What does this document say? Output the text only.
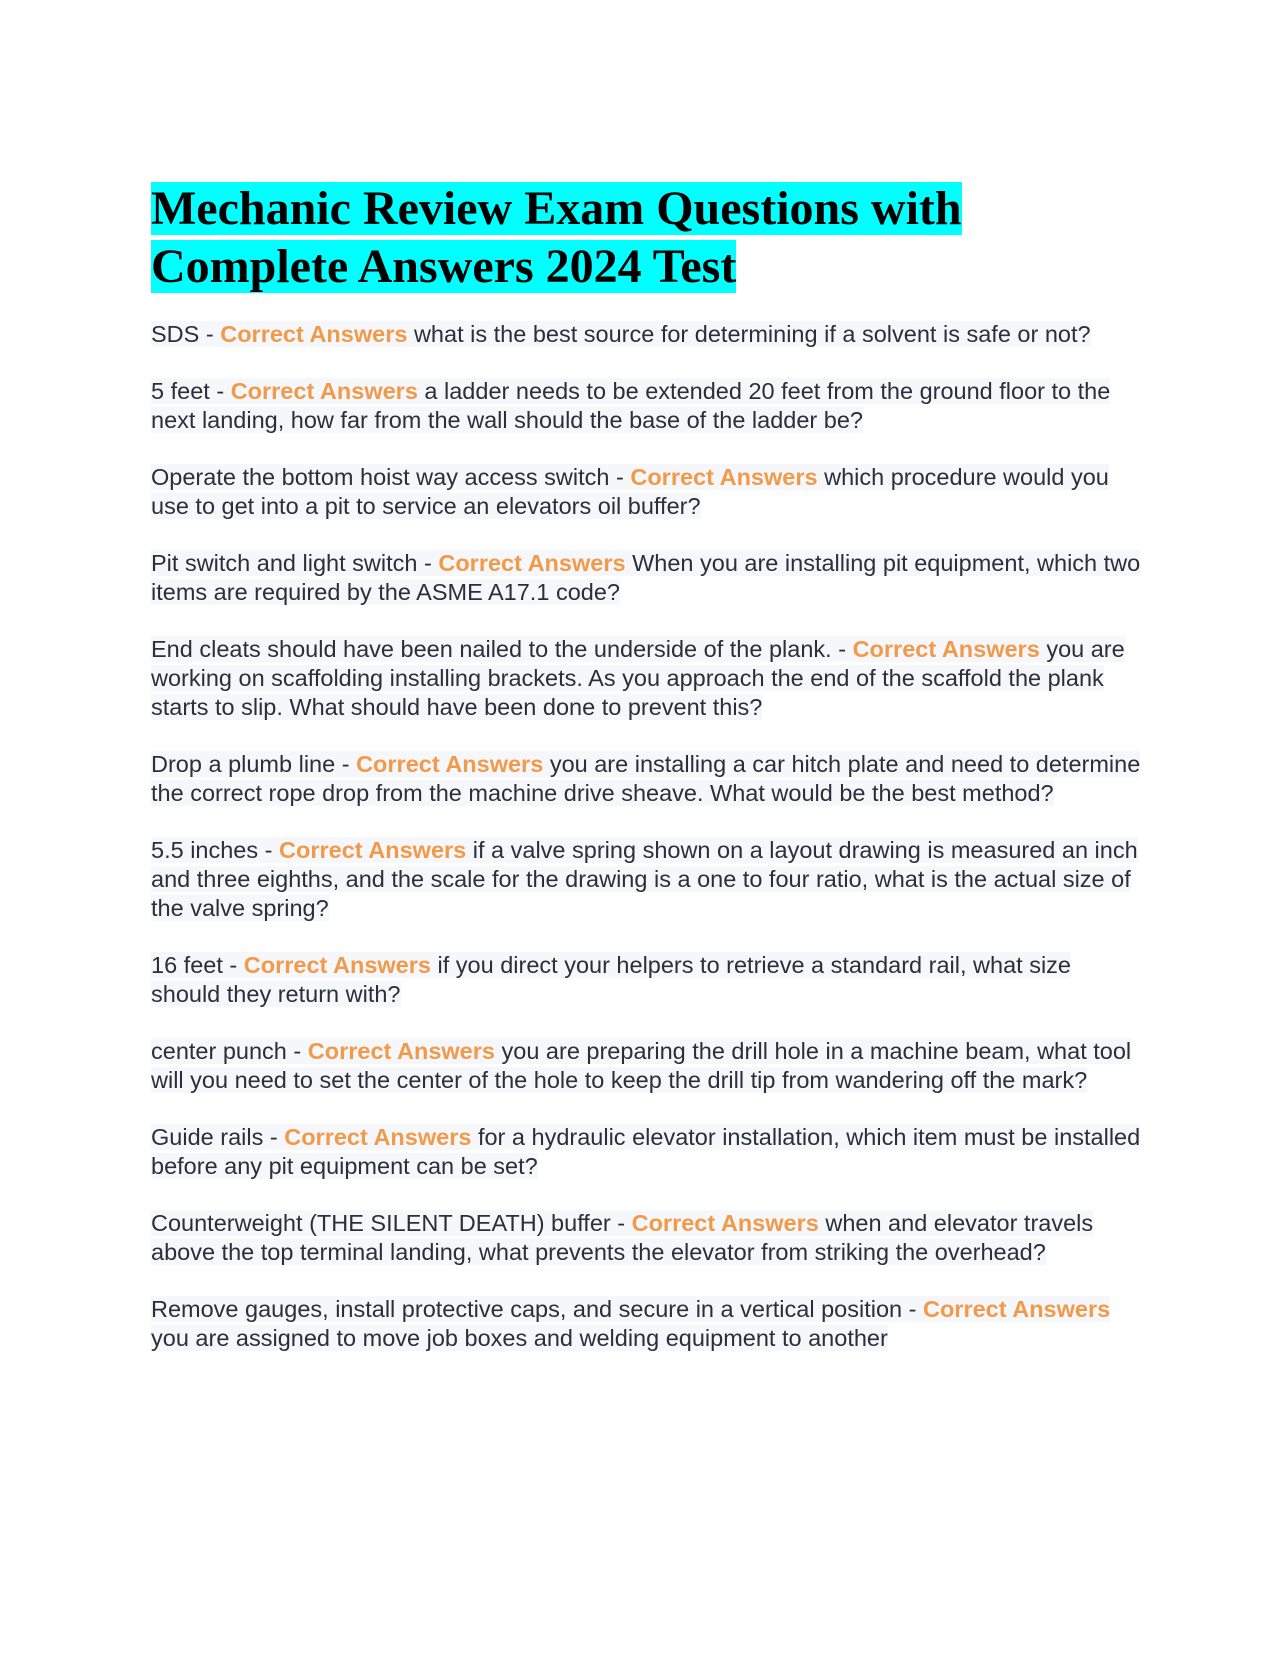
Mechanic Review Exam Questions with
Complete Answers 2024 Test

SDS - Correct Answers what is the best source for determining if a solvent is safe or not?

5 feet - Correct Answers a ladder needs to be extended 20 feet from the ground floor to the next landing, how far from the wall should the base of the ladder be?

Operate the bottom hoist way access switch - Correct Answers which procedure would you use to get into a pit to service an elevators oil buffer?

Pit switch and light switch - Correct Answers When you are installing pit equipment, which two items are required by the ASME A17.1 code?

End cleats should have been nailed to the underside of the plank. - Correct Answers you are working on scaffolding installing brackets. As you approach the end of the scaffold the plank starts to slip. What should have been done to prevent this?

Drop a plumb line - Correct Answers you are installing a car hitch plate and need to determine the correct rope drop from the machine drive sheave. What would be the best method?

5.5 inches - Correct Answers if a valve spring shown on a layout drawing is measured an inch and three eighths, and the scale for the drawing is a one to four ratio, what is the actual size of the valve spring?

16 feet - Correct Answers if you direct your helpers to retrieve a standard rail, what size should they return with?

center punch - Correct Answers you are preparing the drill hole in a machine beam, what tool will you need to set the center of the hole to keep the drill tip from wandering off the mark?

Guide rails - Correct Answers for a hydraulic elevator installation, which item must be installed before any pit equipment can be set?

Counterweight (THE SILENT DEATH) buffer - Correct Answers when and elevator travels above the top terminal landing, what prevents the elevator from striking the overhead?

Remove gauges, install protective caps, and secure in a vertical position - Correct Answers you are assigned to move job boxes and welding equipment to another
